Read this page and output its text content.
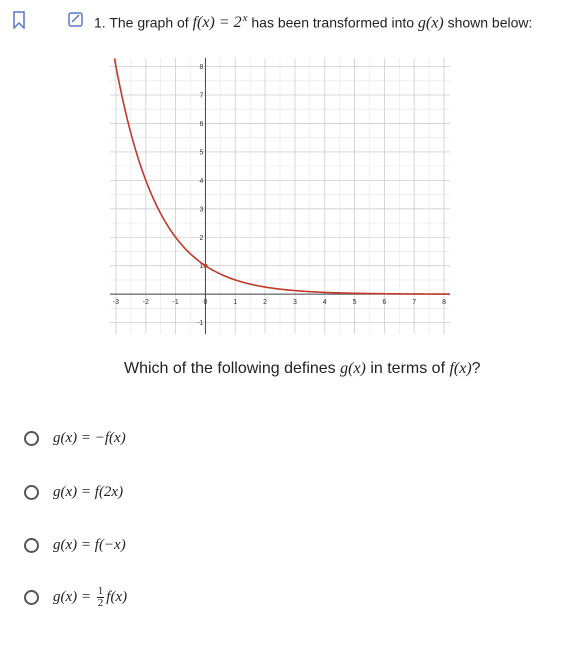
1. The graph of $f(x) = 2^x$ has been transformed into g(x) shown below:
-3	-2	-1	0	1	2	3	4	5	6	7	8
-1
1
2
3
4
5
6
7
8
Which of the following defines g(x) in terms of f(x)?
g(x) = −f(x)
g(x) = f(2x)
g(x) = f(−x)
$g(x) = \frac{1}{2} f(x)$
